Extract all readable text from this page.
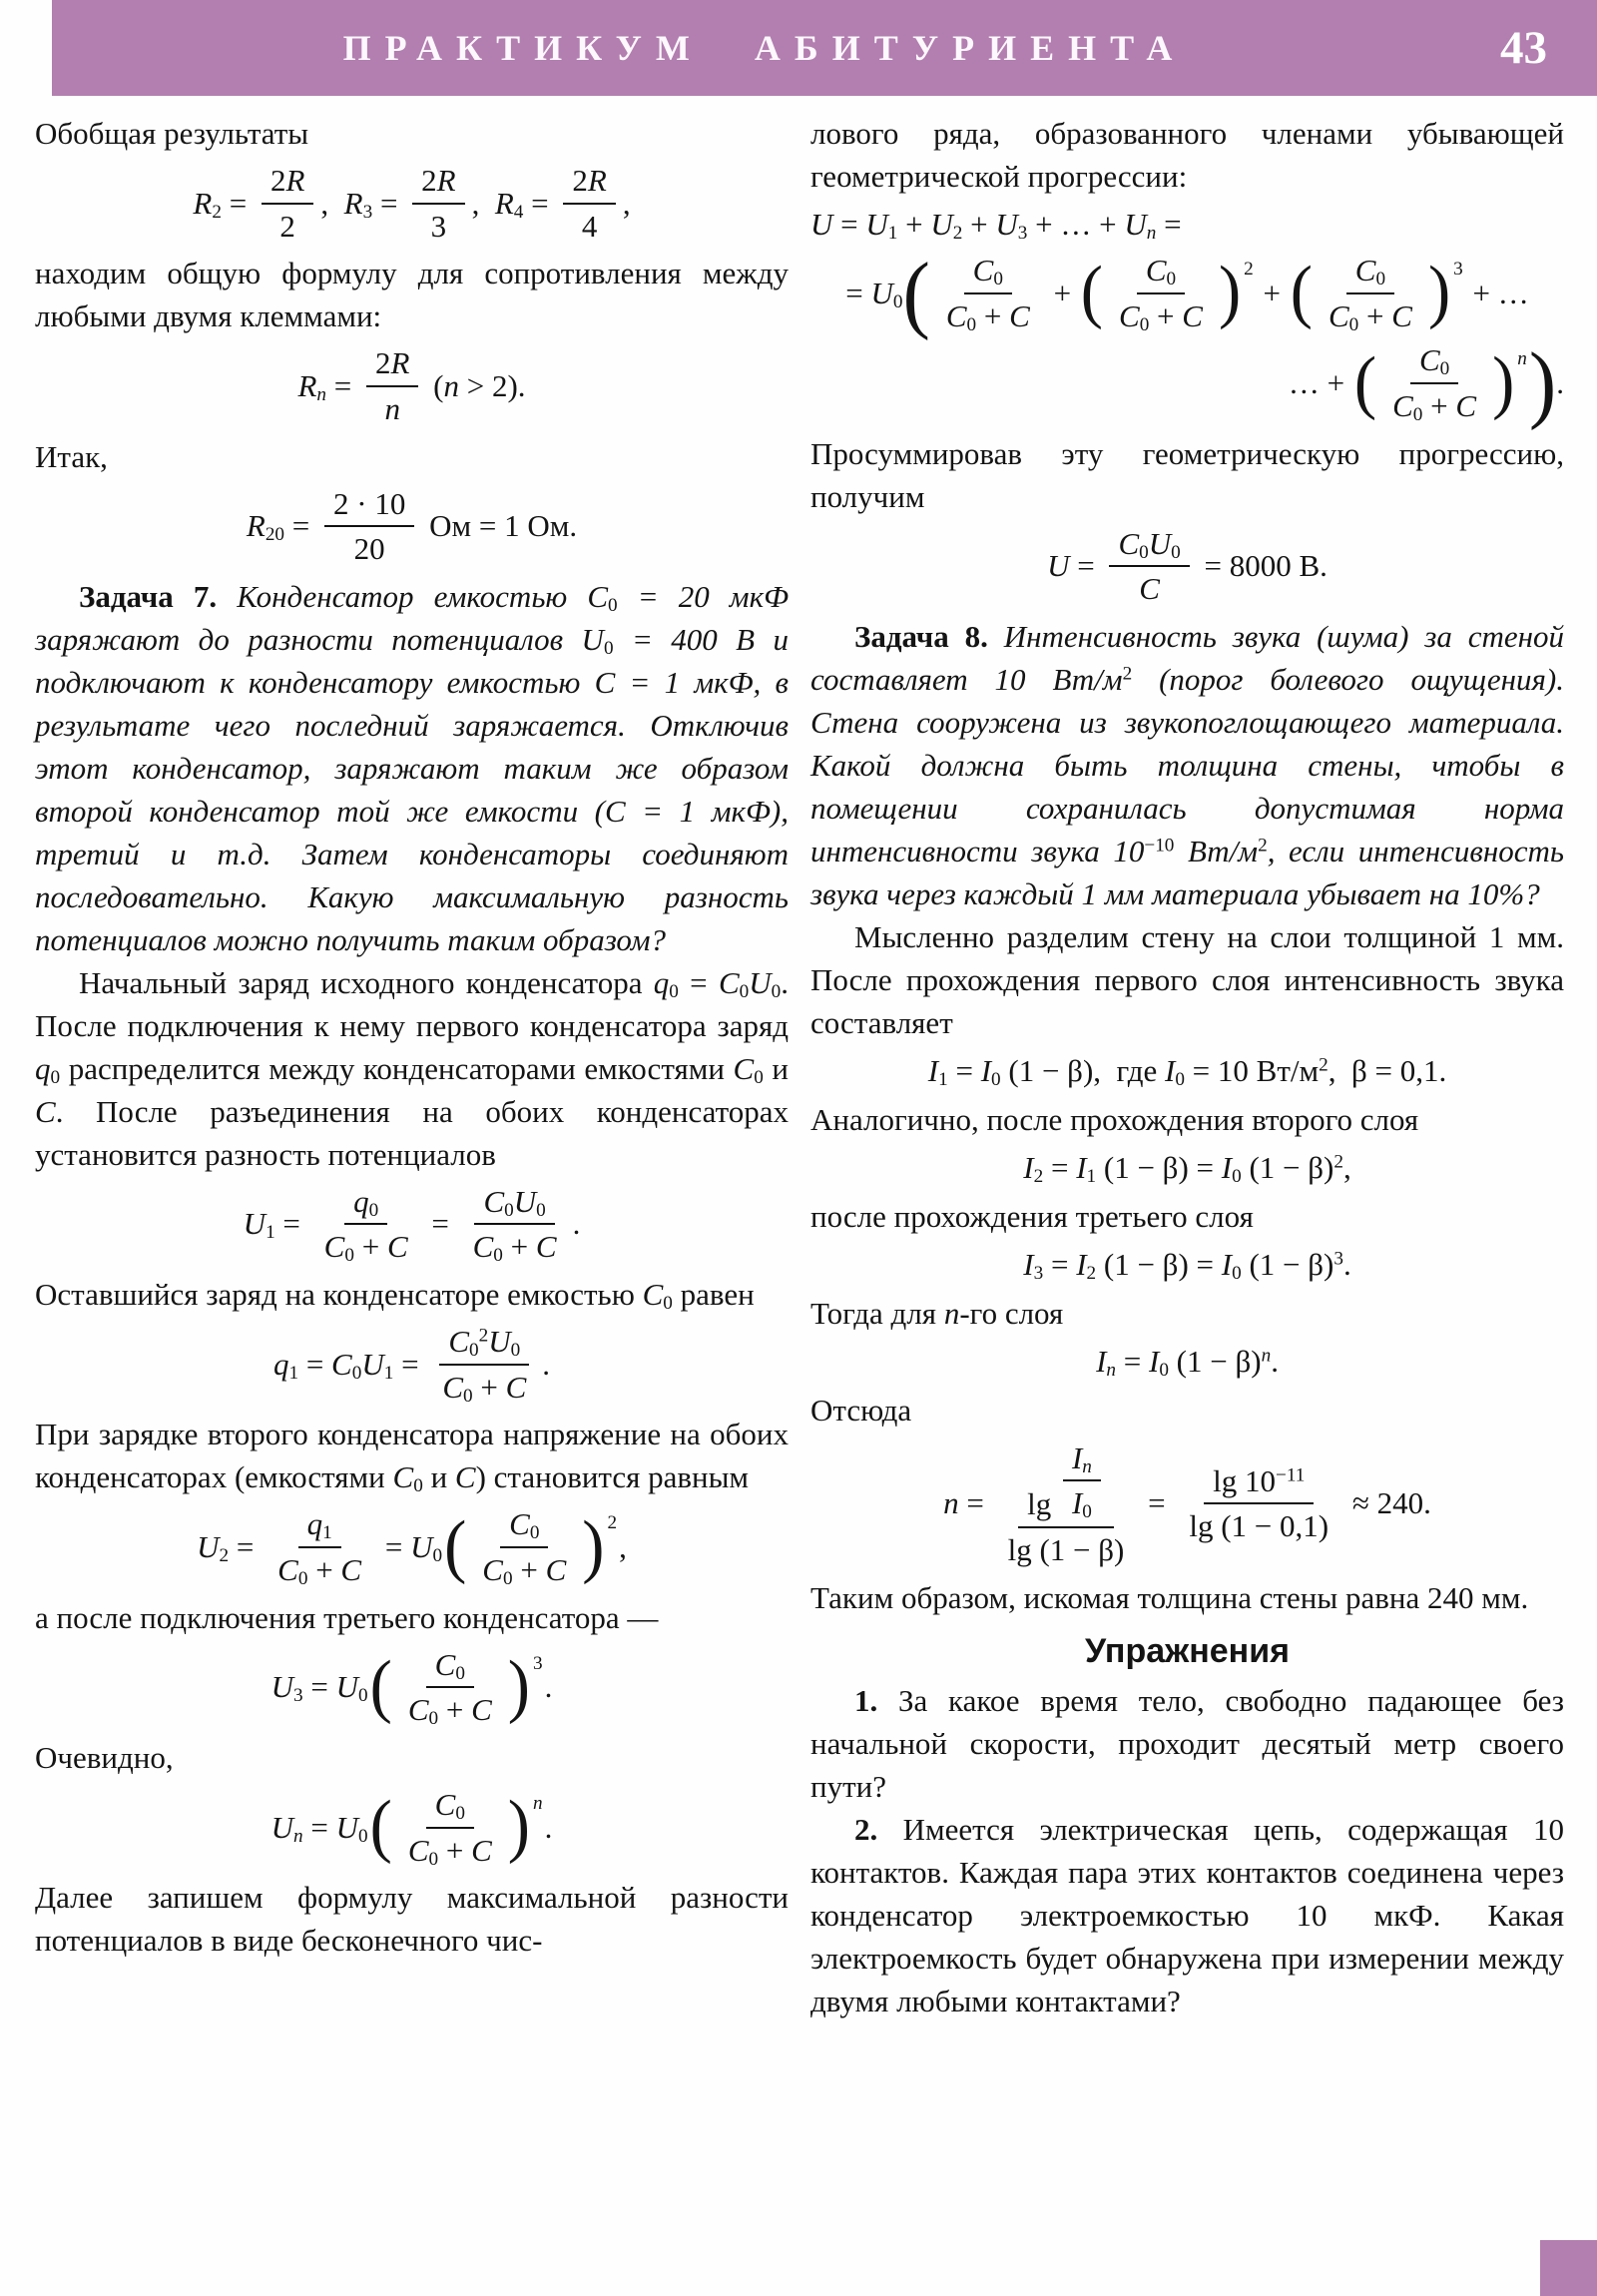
ПРАКТИКУМ АБИТУРИЕНТА	43

Обобщая результаты

$R_2 = \frac{2R}{2}$ ,  $R_3 = \frac{2R}{3}$ ,  $R_4 = \frac{2R}{4}$ ,

находим общую формулу для сопротивления между любыми двумя клеммами:

$R_n = \frac{2R}{n} (n > 2)$.

Итак,

$R_{20} = \frac{2 \cdot 10}{20}$ Ом = 1 Ом.

Задача 7. Конденсатор емкостью $C_0 = 20$ мкФ заряжают до разности потенциалов $U_0 = 400$ В и подключают к конденсатору емкостью C = 1 мкФ, в результате чего последний заряжается. Отключив этот конденсатор, заряжают таким же образом второй конденсатор той же емкости (C = 1 мкФ), третий и т.д. Затем конденсаторы соединяют последовательно. Какую максимальную разность потенциалов можно получить таким образом?

Начальный заряд исходного конденсатора $q_0 = C_0U_0$. После подключения к нему первого конденсатора заряд $q_0$ распределится между конденсаторами емкостями $C_0$ и C. После разъединения на обоих конденсаторах установится разность потенциалов

$U_1 = \frac{q_0}{C_0 + C} = \frac{C_0U_0}{C_0 + C}$ .

Оставшийся заряд на конденсаторе емкостью $C_0$ равен

$q_1 = C_0U_1 = \frac{C_0^2U_0}{C_0 + C}$ .

При зарядке второго конденсатора напряжение на обоих конденсаторах (емкостями $C_0$ и C) становится равным

$U_2 = \frac{q_1}{C_0 + C} = U_0$ ( $\frac{C_0}{C_0 + C}$ ) 2
,

а после подключения третьего конденсатора —

$U_3 = U_0$ ( $\frac{C_0}{C_0 + C}$ ) 3
.

Очевидно,

$U_n = U_0$ ( $\frac{C_0}{C_0 + C}$ ) n
.

Далее запишем формулу максимальной разности потенциалов в виде бесконечного чис-

лового ряда, образованного членами убывающей геометрической прогрессии:

$U = U_1 + U_2 + U_3$ + … + $U_n$ =
= $U_0$ ( $\frac{C_0}{C_0 + C}$ + ( $\frac{C_0}{C_0 + C}$ ) 2
+ ( $\frac{C_0}{C_0 + C}$ ) 3
+ …
… + ( $\frac{C_0}{C_0 + C}$ ) n ) .

Просуммировав эту геометрическую прогрессию, получим

$U = \frac{C_0U_0}{C} = 8000$ В.

Задача 8. Интенсивность звука (шума) за стеной составляет 10 $Вт/м^2$ (порог болевого ощущения). Стена сооружена из звукопоглощающего материала. Какой должна быть толщина стены, чтобы в помещении сохранилась допустимая норма интенсивности звука $10^{-10}$ $Вт/м^2$, если интенсивность звука через каждый 1 мм материала убывает на 10%?

Мысленно разделим стену на слои толщиной 1 мм. После прохождения первого слоя интенсивность звука составляет

$I_1 = I_0$ (1 − β),  где $I_0 = 10$ $Вт/м^2$,  β = 0,1.

Аналогично, после прохождения второго слоя

$I_2 = I_1$ $(1 - \beta) = I_0$ $(1 - \beta)^2$,

после прохождения третьего слоя

$I_3 = I_2$ $(1 - \beta) = I_0$ $(1 - \beta)^3$.

Тогда для n-го слоя

$I_n = I_0$ $(1 - \beta)^n$.

Отсюда

$n = \frac{\lg \frac{I_n}{I_0}}{\lg (1 - \beta)} = \frac{\lg 10^{-11}}{\lg (1 - 0,1)} \approx 240$.

Таким образом, искомая толщина стены равна 240 мм.

Упражнения

1. За какое время тело, свободно падающее без начальной скорости, проходит десятый метр своего пути?

2. Имеется электрическая цепь, содержащая 10 контактов. Каждая пара этих контактов соединена через конденсатор электроемкостью 10 мкФ. Какая электроемкость будет обнаружена при измерении между двумя любыми контактами?
